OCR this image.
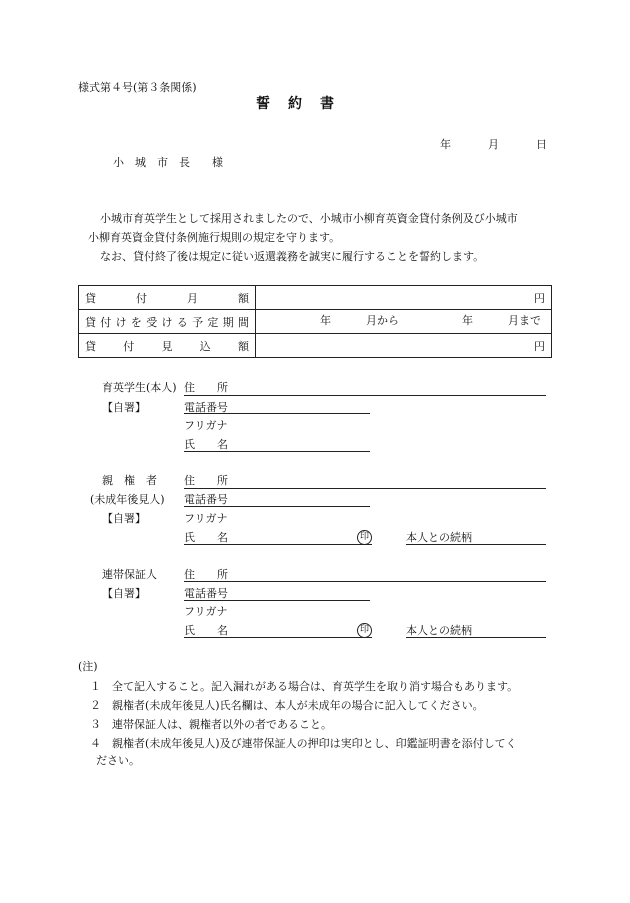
様式第４号(第３条関係)
誓　約　書
年	月	日
小　城　市　長　　様
小城市育英学生として採用されましたので、小城市小柳育英資金貸付条例及び小城市
小柳育英資金貸付条例施行規則の規定を守ります。
なお、貸付終了後は規定に従い返還義務を誠実に履行することを誓約します。
貸付月額	円
貸付けを受ける予定期間	年 月から 年 月まで

貸付見込額	円
育英学生(本人)
【自署】
住　　所
電話番号
フリガナ
氏　　名
親　権　者
(未成年後見人)
【自署】
住　　所
電話番号
フリガナ
氏　　名	印	本人との続柄
連帯保証人
【自署】
住　　所
電話番号
フリガナ
氏　　名	印	本人との続柄
(注)
１　全て記入すること。記入漏れがある場合は、育英学生を取り消す場合もあります。
２　親権者(未成年後見人)氏名欄は、本人が未成年の場合に記入してください。
３　連帯保証人は、親権者以外の者であること。
４　親権者(未成年後見人)及び連帯保証人の押印は実印とし、印鑑証明書を添付してく
ださい。
